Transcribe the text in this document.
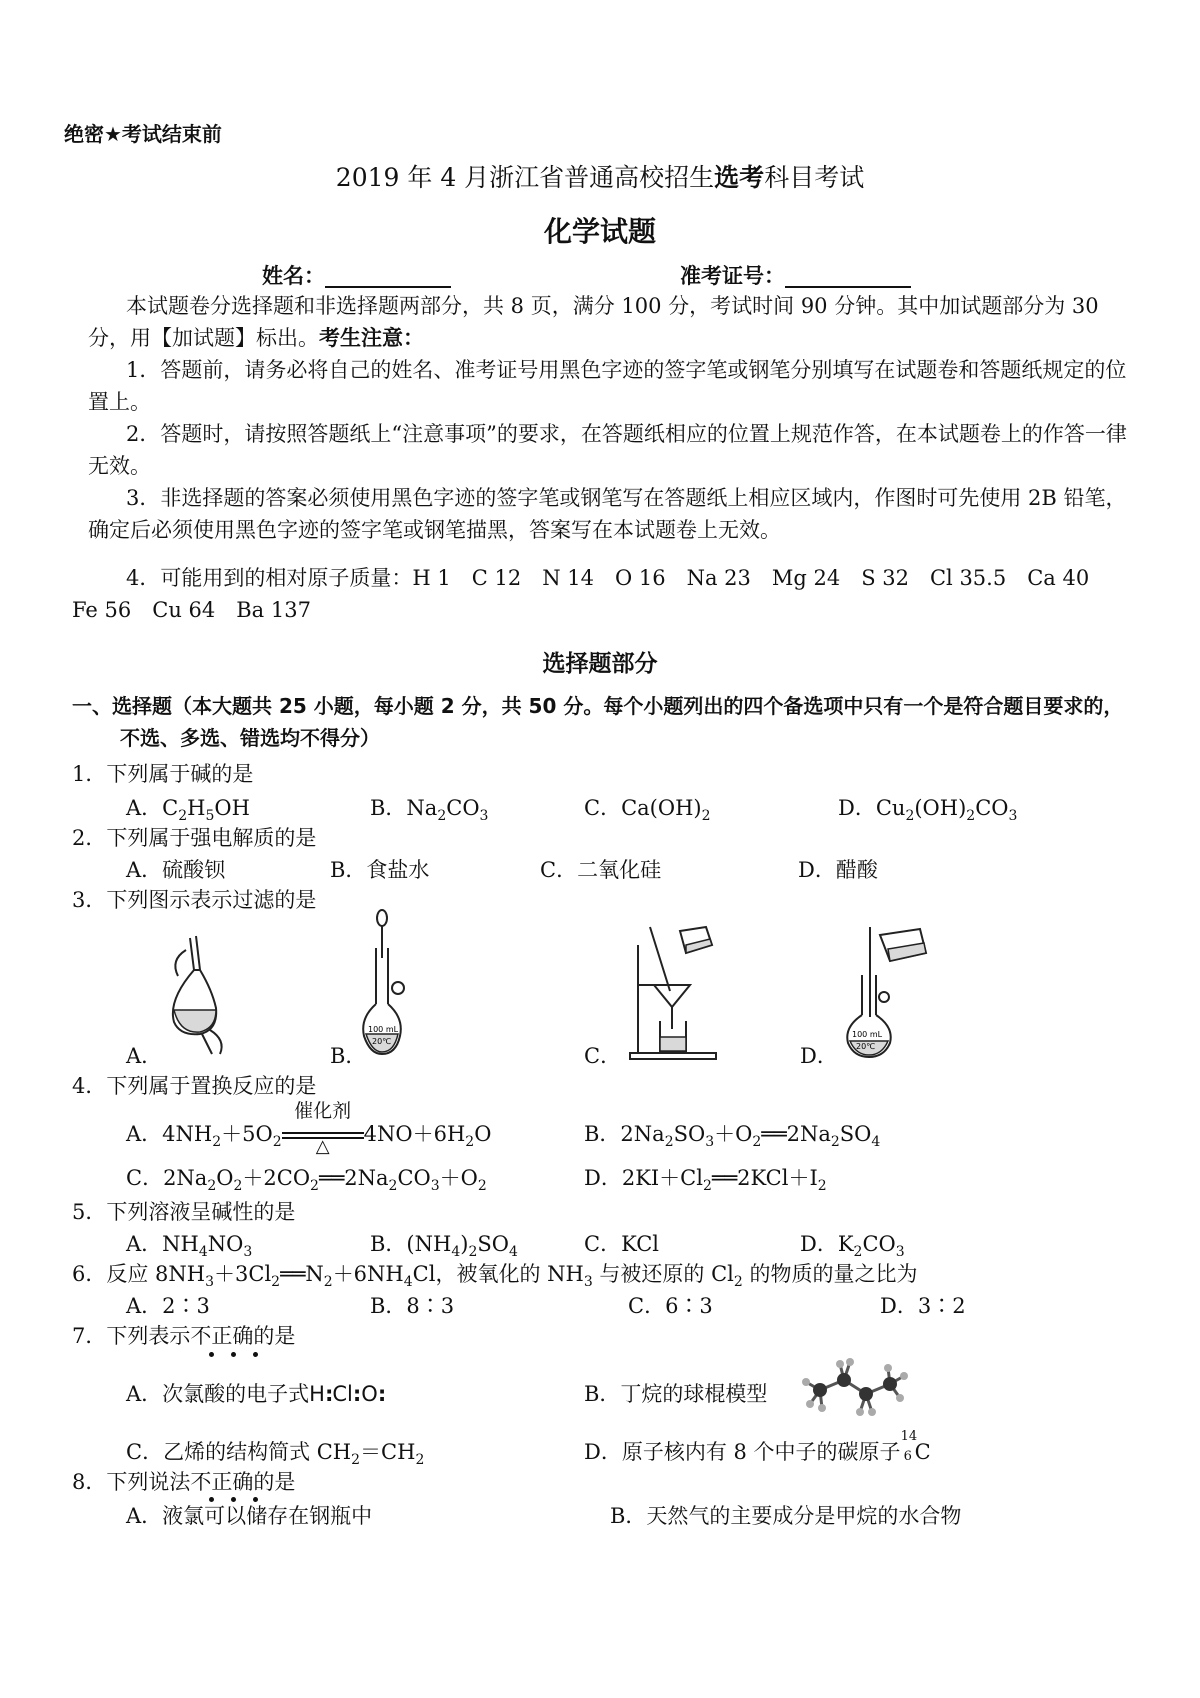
绝密★考试结束前
2019 年 4 月浙江省普通高校招生选考科目考试
化学试题
姓名：____________	准考证号：____________
本试题卷分选择题和非选择题两部分，共 8 页，满分 100 分，考试时间 90 分钟。其中加试题部分为 30 分，用【加试题】标出。考生注意：
1．答题前，请务必将自己的姓名、准考证号用黑色字迹的签字笔或钢笔分别填写在试题卷和答题纸规定的位置上。
2．答题时，请按照答题纸上“注意事项”的要求，在答题纸相应的位置上规范作答，在本试题卷上的作答一律无效。
3．非选择题的答案必须使用黑色字迹的签字笔或钢笔写在答题纸上相应区域内，作图时可先使用 2B 铅笔，确定后必须使用黑色字迹的签字笔或钢笔描黑，答案写在本试题卷上无效。
4．可能用到的相对原子质量：H 1　C 12　N 14　O 16　Na 23　Mg 24　S 32　Cl 35.5　Ca 40
Fe 56　Cu 64　Ba 137
选择题部分
一、选择题（本大题共 25 小题，每小题 2 分，共 50 分。每个小题列出的四个备选项中只有一个是符合题目要求的，不选、多选、错选均不得分）
1．下列属于碱的是
A．$C_2H_5OH$	B．$Na_2CO_3$	C．$Ca(OH)_2$	D．$Cu_2(OH)_2CO_3$
2．下列属于强电解质的是
A．硫酸钡	B．食盐水	C．二氧化硅	D．醋酸
3．下列图示表示过滤的是
A．	B．	C．	D．
100 mL
20℃
100 mL
20℃
4．下列属于置换反应的是
A．$4NH_2+5O_2$
催化剂
△	$4NO+6H_2O$	B．$2Na_2SO_3+O_2══2Na_2SO_4$
C．$2Na_2O_2+2CO_2══2Na_2CO_3+O_2$	D．$2KI+Cl_2══2KCl+I_2$
5．下列溶液呈碱性的是
A．$NH_4NO_3$	B．$(NH_4)_2SO_4$	C．KCl	D．$K_2CO_3$
6．反应 $8NH_3+3Cl_2══N_2+6NH_4Cl$，被氧化的 $NH_3$ 与被还原的 $Cl_2$ 的物质的量之比为
A．2∶3	B．8∶3	C．6∶3	D．3∶2
7．下列表示不正确的是
A．次氯酸的电子式H:Cl:O:	B．丁烷的球棍模型
C．乙烯的结构简式 $CH_2=CH_2$	D．原子核内有 8 个中子的碳原子
14
6 C
8．下列说法不正确的是
A．液氯可以储存在钢瓶中	B．天然气的主要成分是甲烷的水合物
